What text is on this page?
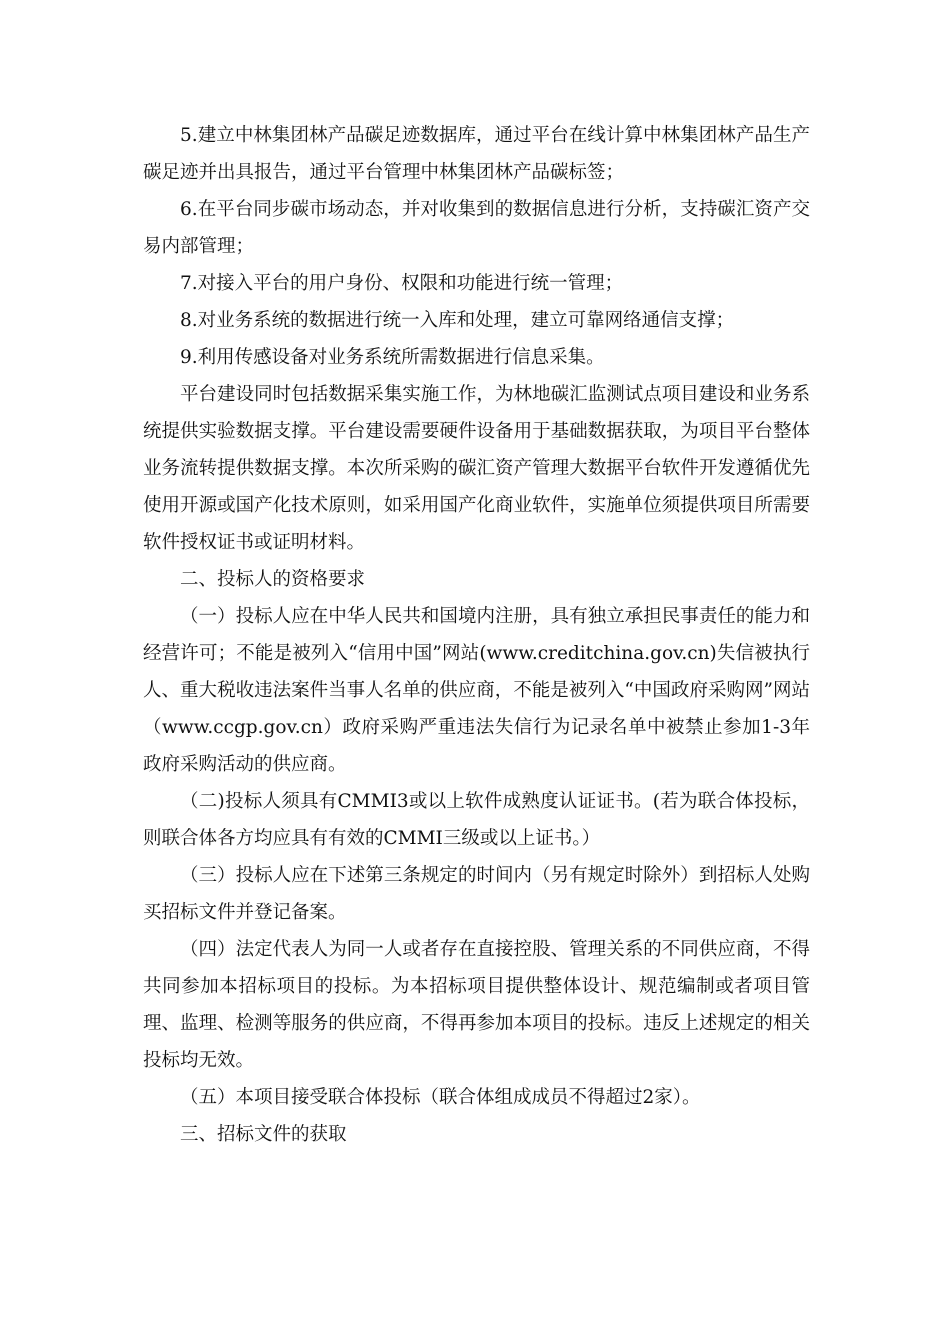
5.建立中林集团林产品碳足迹数据库，通过平台在线计算中林集团林产品生产碳足迹并出具报告，通过平台管理中林集团林产品碳标签；

6.在平台同步碳市场动态，并对收集到的数据信息进行分析，支持碳汇资产交易内部管理；

7.对接入平台的用户身份、权限和功能进行统一管理；

8.对业务系统的数据进行统一入库和处理，建立可靠网络通信支撑；

9.利用传感设备对业务系统所需数据进行信息采集。

平台建设同时包括数据采集实施工作，为林地碳汇监测试点项目建设和业务系统提供实验数据支撑。平台建设需要硬件设备用于基础数据获取，为项目平台整体业务流转提供数据支撑。本次所采购的碳汇资产管理大数据平台软件开发遵循优先使用开源或国产化技术原则，如采用国产化商业软件，实施单位须提供项目所需要软件授权证书或证明材料。

二、投标人的资格要求

（一）投标人应在中华人民共和国境内注册，具有独立承担民事责任的能力和经营许可；不能是被列入“信用中国”网站(www.creditchina.gov.cn)失信被执行人、重大税收违法案件当事人名单的供应商，不能是被列入“中国政府采购网”网站（www.ccgp.gov.cn）政府采购严重违法失信行为记录名单中被禁止参加1-3年政府采购活动的供应商。

（二)投标人须具有CMMI3或以上软件成熟度认证证书。(若为联合体投标，则联合体各方均应具有有效的CMMI三级或以上证书。）

（三）投标人应在下述第三条规定的时间内（另有规定时除外）到招标人处购买招标文件并登记备案。

（四）法定代表人为同一人或者存在直接控股、管理关系的不同供应商，不得共同参加本招标项目的投标。为本招标项目提供整体设计、规范编制或者项目管理、监理、检测等服务的供应商，不得再参加本项目的投标。违反上述规定的相关投标均无效。

（五）本项目接受联合体投标（联合体组成成员不得超过2家）。

三、招标文件的获取
